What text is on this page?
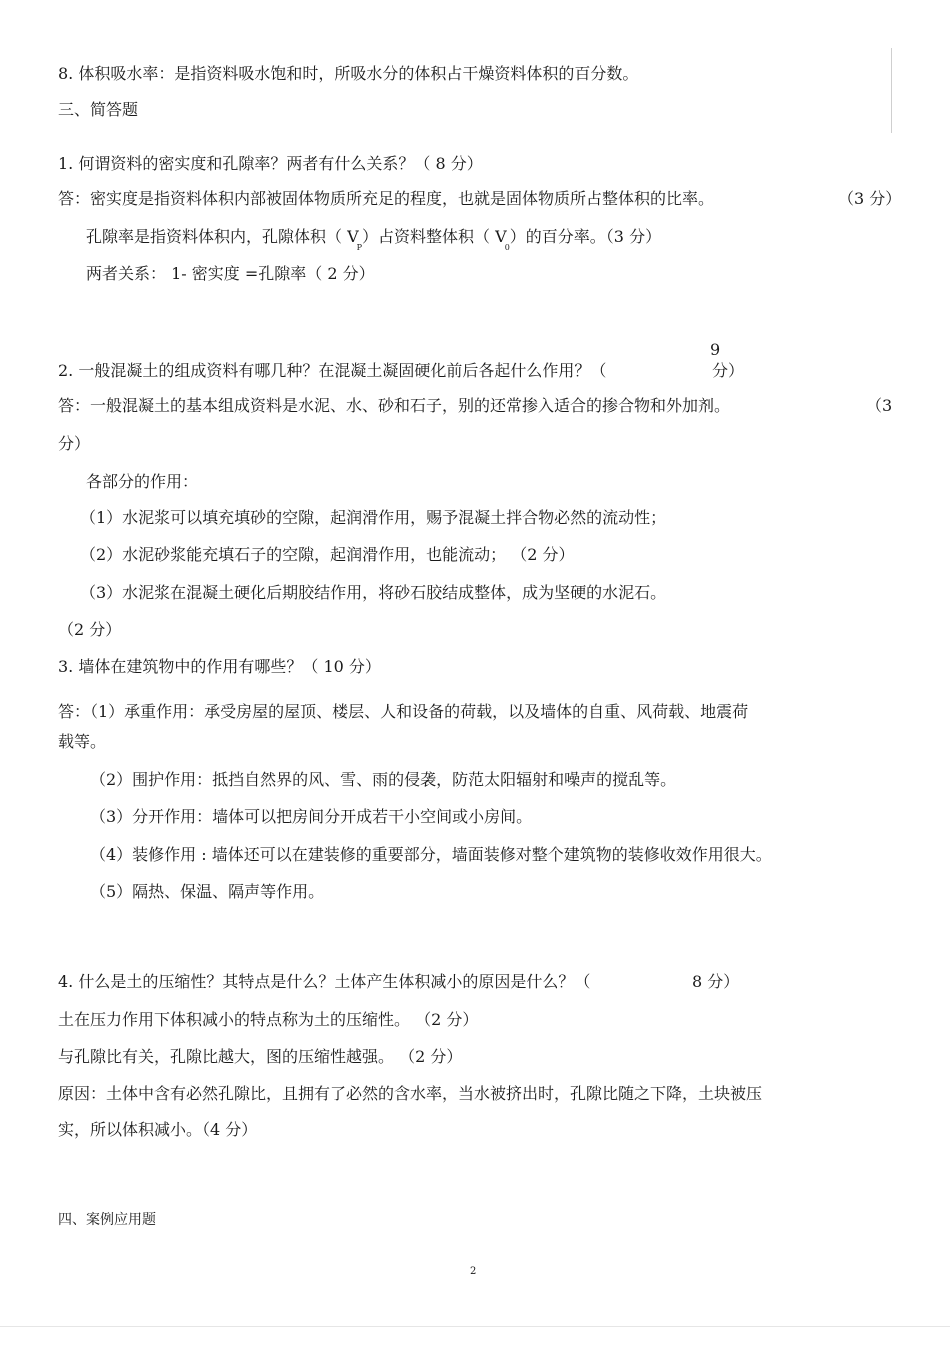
8. 体积吸水率：是指资料吸水饱和时，所吸水分的体积占干燥资料体积的百分数。
三、简答题
1. 何谓资料的密实度和孔隙率？两者有什么关系？（ 8 分）
答：密实度是指资料体积内部被固体物质所充足的程度，也就是固体物质所占整体积的比率。	（3 分）
孔隙率是指资料体积内，孔隙体积（ $V_P$）占资料整体积（ $V_0$）的百分率。（3 分）
两者关系： 1- 密实度 =孔隙率（ 2 分）
9
2. 一般混凝土的组成资料有哪几种？在混凝土凝固硬化前后各起什么作用？（	分）
答：一般混凝土的基本组成资料是水泥、水、砂和石子，别的还常掺入适合的掺合物和外加剂。	（3
分）
各部分的作用：
（1）水泥浆可以填充填砂的空隙，起润滑作用，赐予混凝土拌合物必然的流动性；
（2）水泥砂浆能充填石子的空隙，起润滑作用，也能流动； （2 分）
（3）水泥浆在混凝土硬化后期胶结作用，将砂石胶结成整体，成为坚硬的水泥石。
（2 分）
3. 墙体在建筑物中的作用有哪些？（ 10 分）
答：（1）承重作用：承受房屋的屋顶、楼层、人和设备的荷载，以及墙体的自重、风荷载、地震荷
载等。
（2）围护作用：抵挡自然界的风、雪、雨的侵袭，防范太阳辐射和噪声的搅乱等。
（3）分开作用：墙体可以把房间分开成若干小空间或小房间。
（4）装修作用 : 墙体还可以在建装修的重要部分，墙面装修对整个建筑物的装修收效作用很大。
（5）隔热、保温、隔声等作用。
4. 什么是土的压缩性？其特点是什么？土体产生体积减小的原因是什么？（	8 分）
土在压力作用下体积减小的特点称为土的压缩性。 （2 分）
与孔隙比有关，孔隙比越大，图的压缩性越强。 （2 分）
原因：土体中含有必然孔隙比，且拥有了必然的含水率，当水被挤出时，孔隙比随之下降，土块被压
实，所以体积减小。（4 分）
四、案例应用题
2
